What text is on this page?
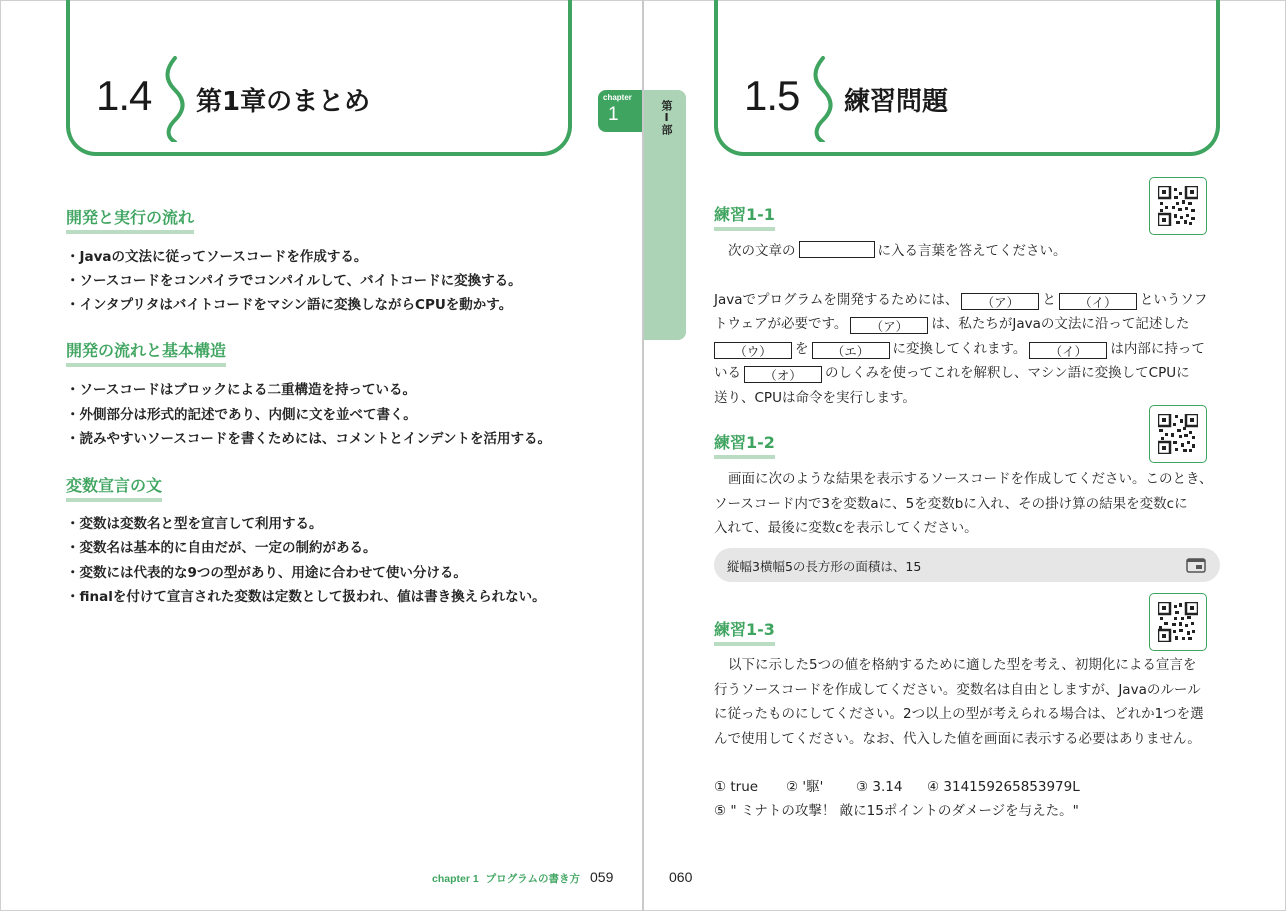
1.4 第1章のまとめ
開発と実行の流れ
・Javaの文法に従ってソースコードを作成する。
・ソースコードをコンパイラでコンパイルして、バイトコードに変換する。
・インタプリタはバイトコードをマシン語に変換しながらCPUを動かす。
開発の流れと基本構造
・ソースコードはブロックによる二重構造を持っている。
・外側部分は形式的記述であり、内側に文を並べて書く。
・読みやすいソースコードを書くためには、コメントとインデントを活用する。
変数宣言の文
・変数は変数名と型を宣言して利用する。
・変数名は基本的に自由だが、一定の制約がある。
・変数には代表的な9つの型があり、用途に合わせて使い分ける。
・finalを付けて宣言された変数は定数として扱われ、値は書き換えられない。
chapter 1 プログラムの書き方 059
chapter
1	第Ⅰ部 1.5 練習問題
練習1-1
次の文章の	に入る言葉を答えてください。
Javaでプログラムを開発するためには、 （ア） と （イ） というソフ
トウェアが必要です。 （ア） は、私たちがJavaの文法に沿って記述した
（ウ） を （エ） に変換してくれます。 （イ） は内部に持って
いる （オ） のしくみを使ってこれを解釈し、マシン語に変換してCPUに
送り、CPUは命令を実行します。
練習1-2
画面に次のような結果を表示するソースコードを作成してください。このとき、
ソースコード内で3を変数aに、5を変数bに入れ、その掛け算の結果を変数cに
入れて、最後に変数cを表示してください。
縦幅3横幅5の長方形の面積は、15
練習1-3
以下に示した5つの値を格納するために適した型を考え、初期化による宣言を
行うソースコードを作成してください。変数名は自由としますが、Javaのルール
に従ったものにしてください。2つ以上の型が考えられる場合は、どれか1つを選
んで使用してください。なお、代入した値を画面に表示する必要はありません。
① true ② '駆' ③ 3.14 ④ 314159265853979L
⑤ " ミナトの攻撃！ 敵に15ポイントのダメージを与えた。"
060
